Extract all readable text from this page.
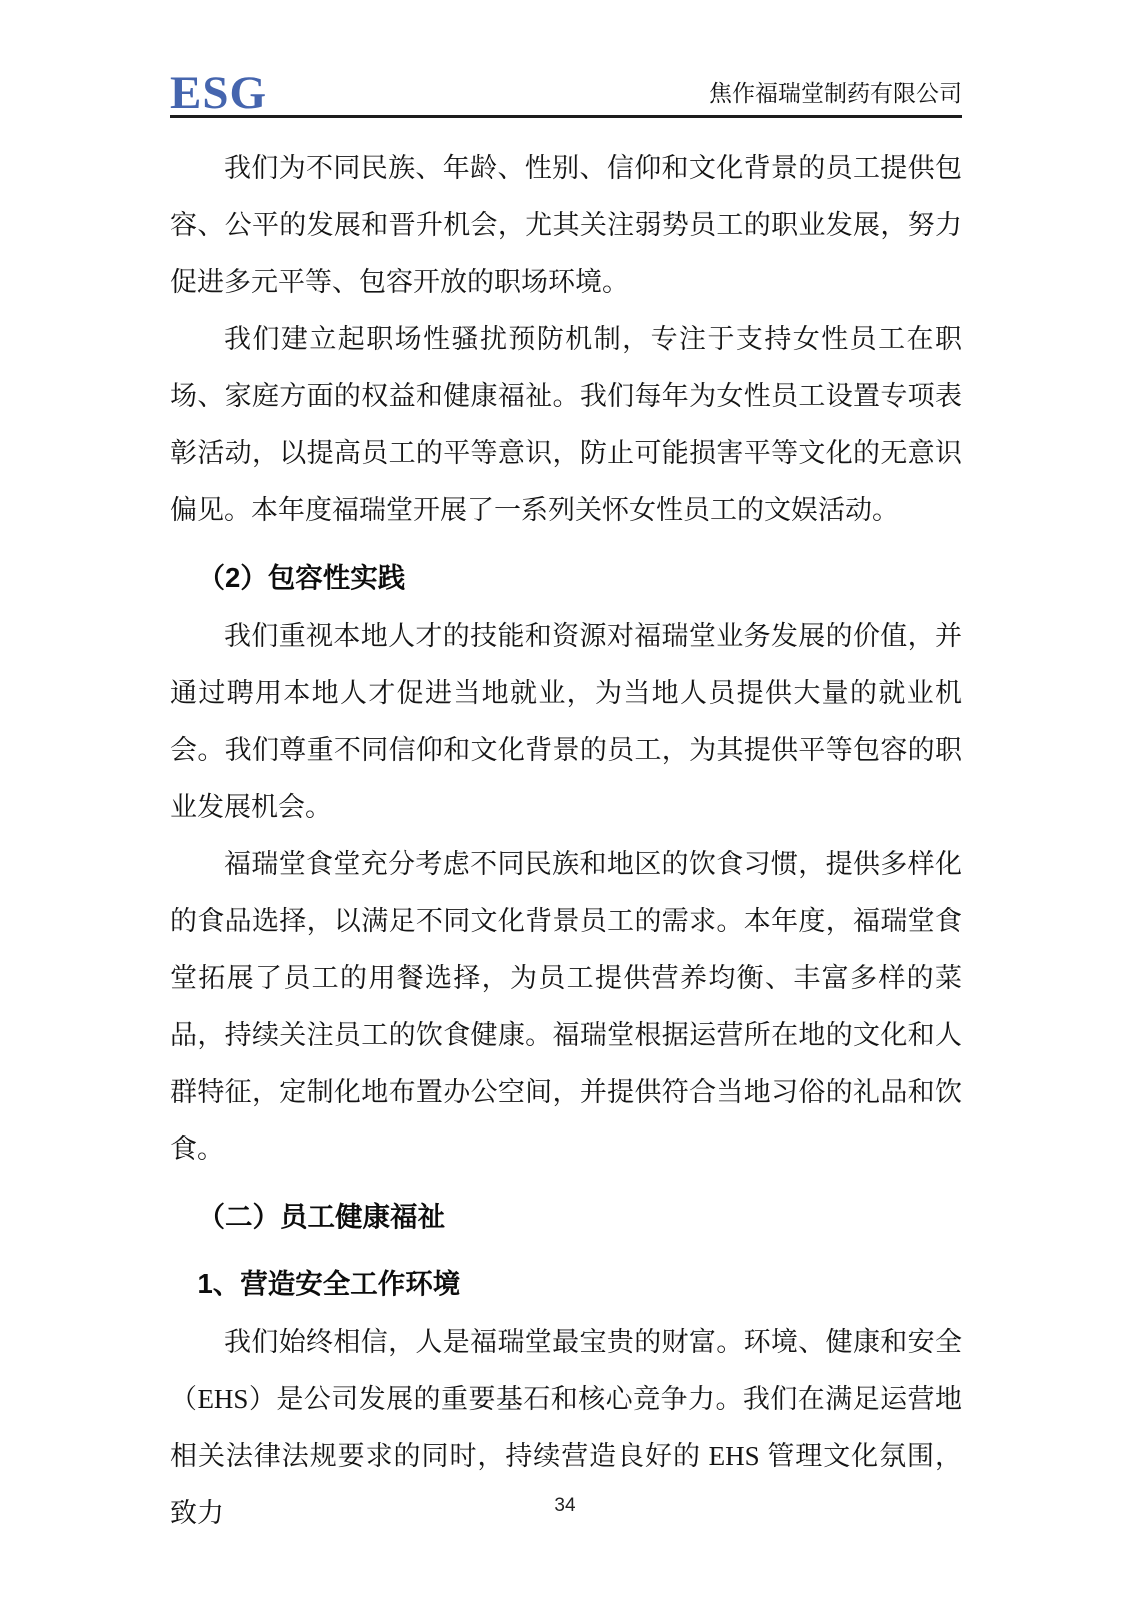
ESG	焦作福瑞堂制药有限公司

我们为不同民族、年龄、性别、信仰和文化背景的员工提供包容、公平的发展和晋升机会，尤其关注弱势员工的职业发展，努力促进多元平等、包容开放的职场环境。

我们建立起职场性骚扰预防机制，专注于支持女性员工在职场、家庭方面的权益和健康福祉。我们每年为女性员工设置专项表彰活动，以提高员工的平等意识，防止可能损害平等文化的无意识偏见。本年度福瑞堂开展了一系列关怀女性员工的文娱活动。

（2）包容性实践

我们重视本地人才的技能和资源对福瑞堂业务发展的价值，并通过聘用本地人才促进当地就业，为当地人员提供大量的就业机会。我们尊重不同信仰和文化背景的员工，为其提供平等包容的职业发展机会。

福瑞堂食堂充分考虑不同民族和地区的饮食习惯，提供多样化的食品选择，以满足不同文化背景员工的需求。本年度，福瑞堂食堂拓展了员工的用餐选择，为员工提供营养均衡、丰富多样的菜品，持续关注员工的饮食健康。福瑞堂根据运营所在地的文化和人群特征，定制化地布置办公空间，并提供符合当地习俗的礼品和饮食。

（二）员工健康福祉
1、营造安全工作环境

我们始终相信，人是福瑞堂最宝贵的财富。环境、健康和安全（EHS）是公司发展的重要基石和核心竞争力。我们在满足运营地相关法律法规要求的同时，持续营造良好的 EHS 管理文化氛围，致力	34
